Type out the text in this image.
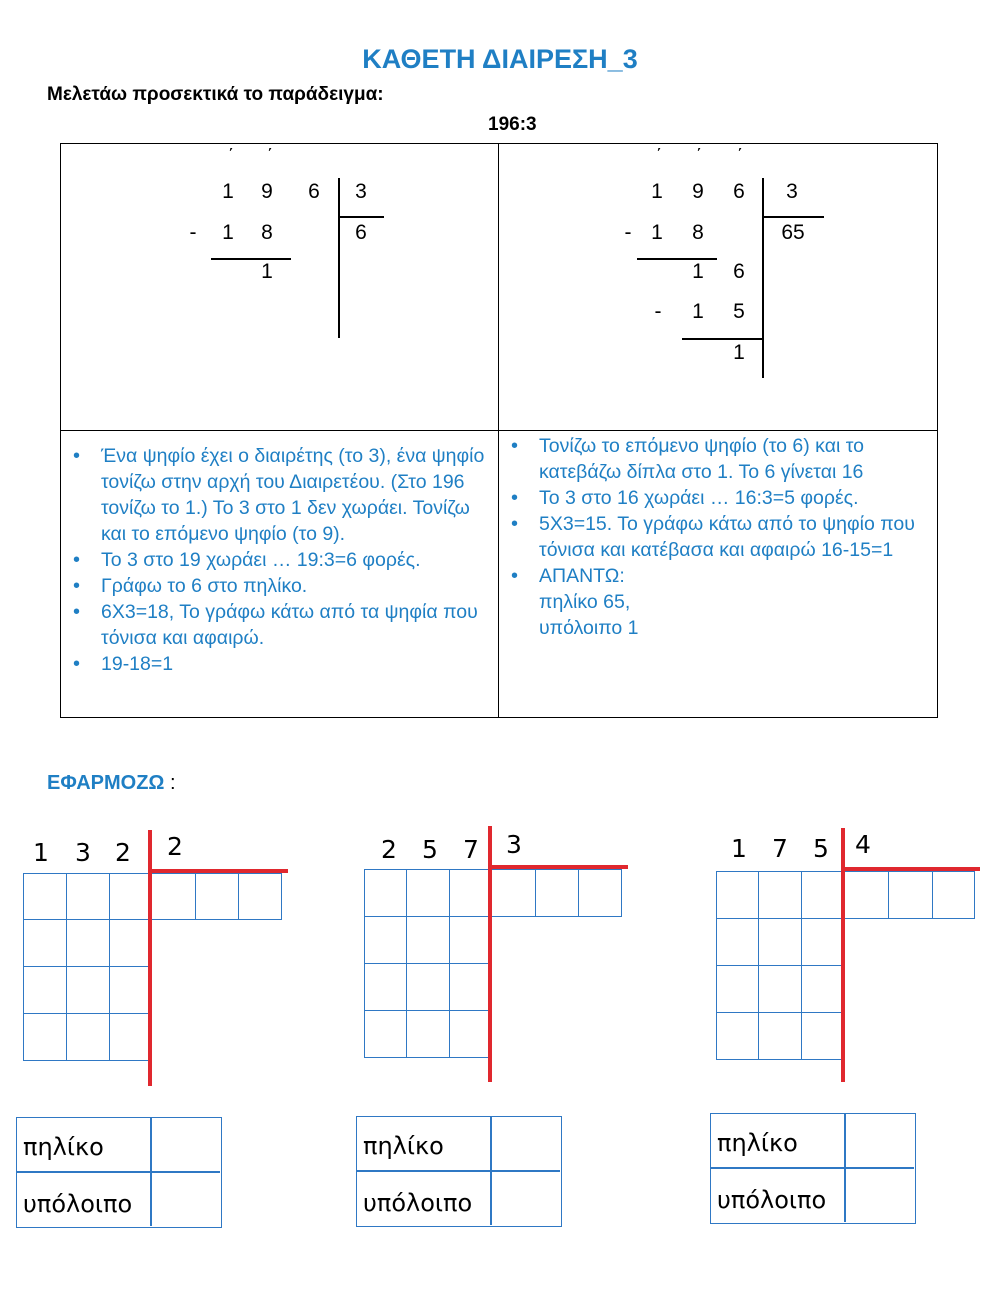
ΚΑΘΕΤΗ ΔΙΑΙΡΕΣΗ_3
Μελετάω προσεκτικά το παράδειγμα:
196:3
΄	΄
1 9 6 3
-	1 8	6
1
΄	΄	΄
1 9 6 3
- 1 8	65
1 6
-	1 5
1
• Ένα ψηφίο έχει ο διαιρέτης (το 3), ένα ψηφίο τονίζω στην αρχή του Διαιρετέου. (Στο 196 τονίζω το 1.) Το 3 στο 1 δεν χωράει. Τονίζω και το επόμενο ψηφίο (το 9).
• Το 3 στο 19 χωράει … 19:3=6 φορές.
• Γράφω το 6 στο πηλίκο.
• 6Χ3=18, Το γράφω κάτω από τα ψηφία που τόνισα και αφαιρώ.
• 19-18=1
• Τονίζω το επόμενο ψηφίο (το 6) και το κατεβάζω δίπλα στο 1. Το 6 γίνεται 16
• Το 3 στο 16 χωράει … 16:3=5 φορές.
• 5Χ3=15. Το γράφω κάτω από το ψηφίο που τόνισα και κατέβασα και αφαιρώ 16-15=1
• ΑΠΑΝΤΩ:
πηλίκο 65,
υπόλοιπο 1
ΕΦΑΡΜΟΖΩ :
1 3 2 2
πηλίκο
υπόλοιπο
2 5 7 3
πηλίκο
υπόλοιπο
1 7 5 4
πηλίκο
υπόλοιπο
